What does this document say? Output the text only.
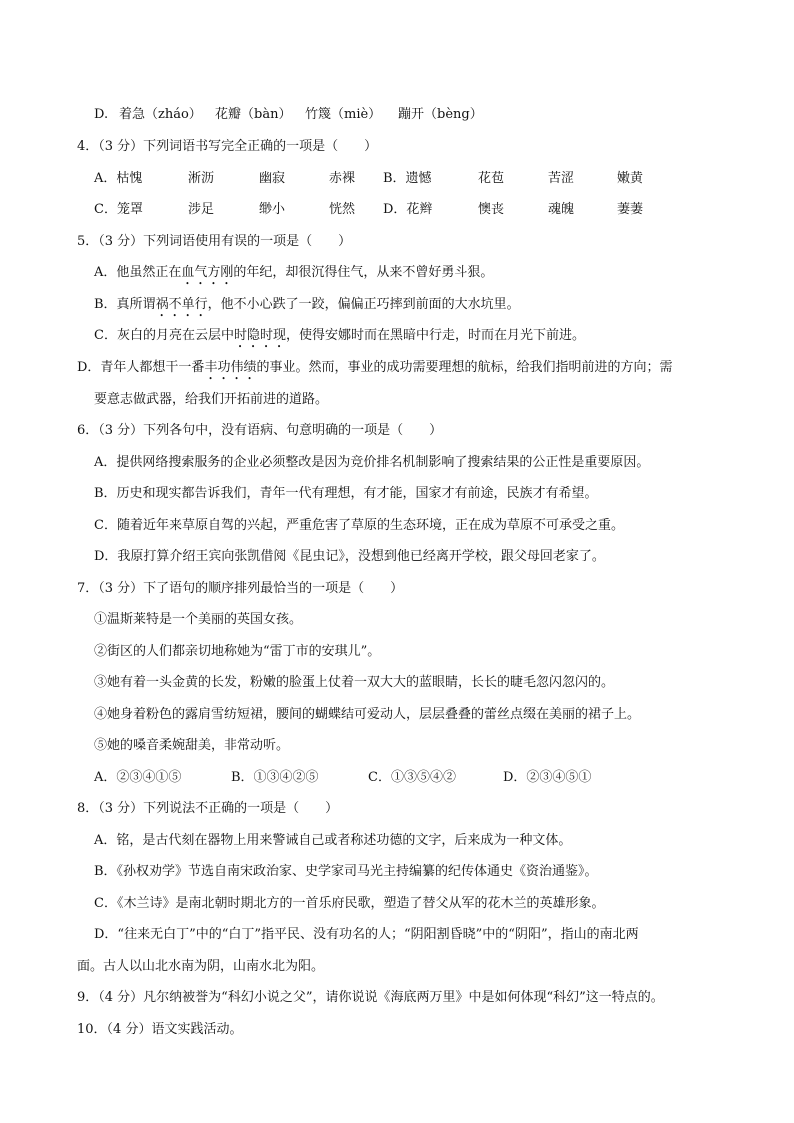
D. 着急（zháo） 花瓣（bàn） 竹篾（miè） 蹦开（bèng）
4．（3 分）下列词语书写完全正确的一项是（　　）
A．枯愧	淅沥	幽寂	赤裸 B．遗憾	花苞	苦涩	嫩黄
C．笼罩	涉足	缈小	恍然 D．花辫	懊丧	魂魄	萋萋
5．（3 分）下列词语使用有误的一项是（　　）
A．他虽然正在血气方刚的年纪，却很沉得住气，从来不曾好勇斗狠。
B．真所谓祸不单行，他不小心跌了一跤，偏偏正巧摔到前面的大水坑里。
C．灰白的月亮在云层中时隐时现，使得安娜时而在黑暗中行走，时而在月光下前进。
D．青年人都想干一番丰功伟绩的事业。然而，事业的成功需要理想的航标，给我们指明前进的方向；需
要意志做武器，给我们开拓前进的道路。
6．（3 分）下列各句中，没有语病、句意明确的一项是（　　）
A．提供网络搜索服务的企业必须整改是因为竞价排名机制影响了搜索结果的公正性是重要原因。
B．历史和现实都告诉我们，青年一代有理想，有才能，国家才有前途，民族才有希望。
C．随着近年来草原自驾的兴起，严重危害了草原的生态环境，正在成为草原不可承受之重。
D．我原打算介绍王宾向张凯借阅《昆虫记》，没想到他已经离开学校，跟父母回老家了。
7．（3 分）下了语句的顺序排列最恰当的一项是（　　）
①温斯莱特是一个美丽的英国女孩。
②街区的人们都亲切地称她为“雷丁市的安琪儿”。
③她有着一头金黄的长发，粉嫩的脸蛋上仗着一双大大的蓝眼睛，长长的睫毛忽闪忽闪的。
④她身着粉色的露肩雪纺短裙，腰间的蝴蝶结可爱动人，层层叠叠的蕾丝点缀在美丽的裙子上。
⑤她的嗓音柔婉甜美，非常动听。
A．②③④①⑤	B．①③④②⑤	C．①③⑤④②	D．②③④⑤①
8．（3 分）下列说法不正确的一项是（　　）
A．铭，是古代刻在器物上用来警诫自己或者称述功德的文字，后来成为一种文体。
B．《孙权劝学》节选自南宋政治家、史学家司马光主持编纂的纪传体通史《资治通鉴》。
C．《木兰诗》是南北朝时期北方的一首乐府民歌，塑造了替父从军的花木兰的英雄形象。
D．“往来无白丁”中的“白丁”指平民、没有功名的人；“阴阳割昏晓”中的“阴阳”，指山的南北两
面。古人以山北水南为阴，山南水北为阳。
9．（4 分）凡尔纳被誉为“科幻小说之父”，请你说说《海底两万里》中是如何体现“科幻”这一特点的。
10．（4 分）语文实践活动。
